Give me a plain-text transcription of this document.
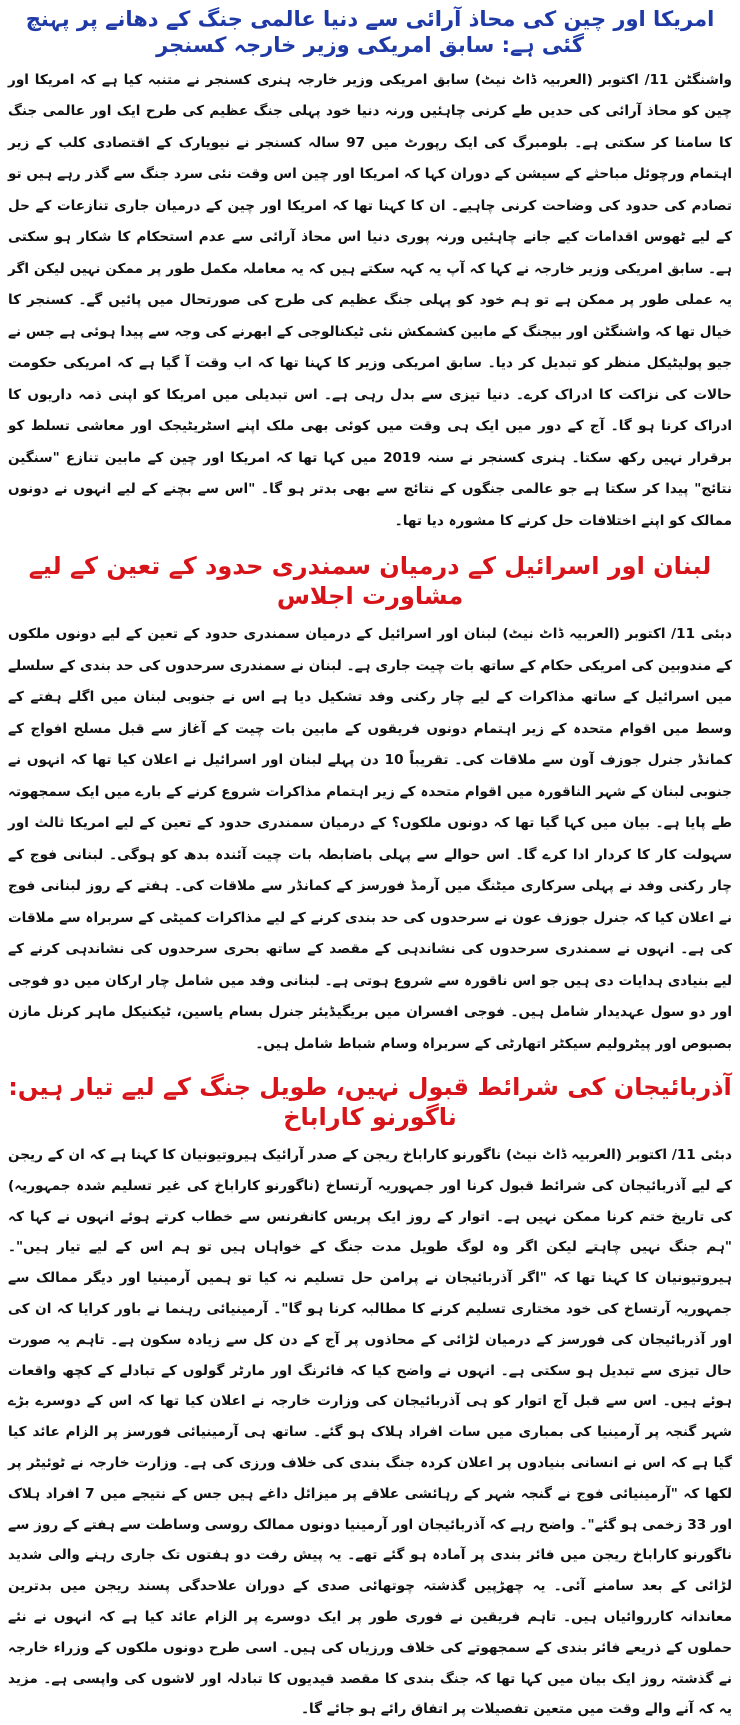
امریکا اور چین کی محاذ آرائی سے دنیا عالمی جنگ کے دھانے پر پہنچ گئی ہے: سابق امریکی وزیر خارجہ کسنجر

واشنگٹن 11/ اکتوبر (العربیہ ڈاٹ نیٹ) سابق امریکی وزیر خارجہ ہنری کسنجر نے متنبہ کیا ہے کہ امریکا اور چین کو محاذ آرائی کی حدیں طے کرنی چاہئیں ورنہ دنیا خود پہلی جنگ عظیم کی طرح ایک اور عالمی جنگ کا سامنا کر سکتی ہے۔ بلومبرگ کی ایک رپورٹ میں 97 سالہ کسنجر نے نیویارک کے اقتصادی کلب کے زیر اہتمام ورچوئل مباحثے کے سیشن کے دوران کہا کہ امریکا اور چین اس وقت نئی سرد جنگ سے گذر رہے ہیں تو تصادم کی حدود کی وضاحت کرنی چاہیے۔ ان کا کہنا تھا کہ امریکا اور چین کے درمیان جاری تنازعات کے حل کے لیے ٹھوس اقدامات کیے جانے چاہئیں ورنہ پوری دنیا اس محاذ آرائی سے عدم استحکام کا شکار ہو سکتی ہے۔ سابق امریکی وزیر خارجہ نے کہا کہ آپ یہ کہہ سکتے ہیں کہ یہ معاملہ مکمل طور پر ممکن نہیں لیکن اگر یہ عملی طور پر ممکن ہے تو ہم خود کو پہلی جنگ عظیم کی طرح کی صورتحال میں پائیں گے۔ کسنجر کا خیال تھا کہ واشنگٹن اور بیجنگ کے مابین کشمکش نئی ٹیکنالوجی کے ابھرنے کی وجہ سے پیدا ہوئی ہے جس نے جیو پولیٹیکل منظر کو تبدیل کر دیا۔ سابق امریکی وزیر کا کہنا تھا کہ اب وقت آ گیا ہے کہ امریکی حکومت حالات کی نزاکت کا ادراک کرے۔ دنیا تیزی سے بدل رہی ہے۔ اس تبدیلی میں امریکا کو اپنی ذمہ داریوں کا ادراک کرنا ہو گا۔ آج کے دور میں ایک ہی وقت میں کوئی بھی ملک اپنے اسٹریٹیجک اور معاشی تسلط کو برقرار نہیں رکھ سکتا۔ ہنری کسنجر نے سنہ 2019 میں کہا تھا کہ امریکا اور چین کے مابین تنازع "سنگین نتائج" پیدا کر سکتا ہے جو عالمی جنگوں کے نتائج سے بھی بدتر ہو گا۔ "اس سے بچنے کے لیے انہوں نے دونوں ممالک کو اپنے اختلافات حل کرنے کا مشورہ دیا تھا۔

لبنان اور اسرائیل کے درمیان سمندری حدود کے تعین کے لیے مشاورت اجلاس

دبئی 11/ اکتوبر (العربیہ ڈاٹ نیٹ) لبنان اور اسرائیل کے درمیان سمندری حدود کے تعین کے لیے دونوں ملکوں کے مندوبین کی امریکی حکام کے ساتھ بات چیت جاری ہے۔ لبنان نے سمندری سرحدوں کی حد بندی کے سلسلے میں اسرائیل کے ساتھ مذاکرات کے لیے چار رکنی وفد تشکیل دیا ہے اس نے جنوبی لبنان میں اگلے ہفتے کے وسط میں اقوام متحدہ کے زیر اہتمام دونوں فریقوں کے مابین بات چیت کے آغاز سے قبل مسلح افواج کے کمانڈر جنرل جوزف آون سے ملاقات کی۔ تقریباً 10 دن پہلے لبنان اور اسرائیل نے اعلان کیا تھا کہ انہوں نے جنوبی لبنان کے شہر الناقورہ میں اقوام متحدہ کے زیر اہتمام مذاکرات شروع کرنے کے بارے میں ایک سمجھوتہ طے پایا ہے۔ بیان میں کہا گیا تھا کہ دونوں ملکوں؟ کے درمیان سمندری حدود کے تعین کے لیے امریکا ثالث اور سہولت کار کا کردار ادا کرے گا۔ اس حوالے سے پہلی باضابطہ بات چیت آئندہ بدھ کو ہوگی۔ لبنانی فوج کے چار رکنی وفد نے پہلی سرکاری میٹنگ میں آرمڈ فورسز کے کمانڈر سے ملاقات کی۔ ہفتے کے روز لبنانی فوج نے اعلان کیا کہ جنرل جوزف عون نے سرحدوں کی حد بندی کرنے کے لیے مذاکرات کمیٹی کے سربراہ سے ملاقات کی ہے۔ انہوں نے سمندری سرحدوں کی نشاندہی کے مقصد کے ساتھ بحری سرحدوں کی نشاندہی کرنے کے لیے بنیادی ہدایات دی ہیں جو اس ناقورہ سے شروع ہوتی ہے۔ لبنانی وفد میں شامل چار ارکان میں دو فوجی اور دو سول عہدیدار شامل ہیں۔ فوجی افسران میں بریگیڈیئر جنرل بسام یاسین، ٹیکنیکل ماہر کرنل مازن بصبوص اور پیٹرولیم سیکٹر اتھارٹی کے سربراہ وسام شباط شامل ہیں۔

آذربائیجان کی شرائط قبول نہیں، طویل جنگ کے لیے تیار ہیں: ناگورنو کاراباخ

دبئی 11/ اکتوبر (العربیہ ڈاٹ نیٹ) ناگورنو کاراباخ ریجن کے صدر آرائیک ہیروتیونیان کا کہنا ہے کہ ان کے ریجن کے لیے آذربائیجان کی شرائط قبول کرنا اور جمہوریہ آرتساخ (ناگورنو کاراباخ کی غیر تسلیم شدہ جمہوریہ) کی تاریخ ختم کرنا ممکن نہیں ہے۔ اتوار کے روز ایک پریس کانفرنس سے خطاب کرتے ہوئے انہوں نے کہا کہ "ہم جنگ نہیں چاہتے لیکن اگر وہ لوگ طویل مدت جنگ کے خواہاں ہیں تو ہم اس کے لیے تیار ہیں"۔ ہیروتیونیان کا کہنا تھا کہ "اگر آذربائیجان نے پرامن حل تسلیم نہ کیا تو ہمیں آرمینیا اور دیگر ممالک سے جمہوریہ آرتساخ کی خود مختاری تسلیم کرنے کا مطالبہ کرنا ہو گا"۔ آرمینیائی رہنما نے باور کرایا کہ ان کی اور آذربائیجان کی فورسز کے درمیان لڑائی کے محاذوں پر آج کے دن کل سے زیادہ سکون ہے۔ تاہم یہ صورت حال تیزی سے تبدیل ہو سکتی ہے۔ انہوں نے واضح کیا کہ فائرنگ اور مارٹر گولوں کے تبادلے کے کچھ واقعات ہوئے ہیں۔ اس سے قبل آج اتوار کو ہی آذربائیجان کی وزارت خارجہ نے اعلان کیا تھا کہ اس کے دوسرے بڑے شہر گنجہ پر آرمینیا کی بمباری میں سات افراد ہلاک ہو گئے۔ ساتھ ہی آرمینیائی فورسز پر الزام عائد کیا گیا ہے کہ اس نے انسانی بنیادوں پر اعلان کردہ جنگ بندی کی خلاف ورزی کی ہے۔ وزارت خارجہ نے ٹوئیٹر پر لکھا کہ "آرمینیائی فوج نے گنجہ شہر کے رہائشی علاقے پر میزائل داغے ہیں جس کے نتیجے میں 7 افراد ہلاک اور 33 زخمی ہو گئے"۔ واضح رہے کہ آذربائیجان اور آرمینیا دونوں ممالک روسی وساطت سے ہفتے کے روز سے ناگورنو کاراباخ ریجن میں فائر بندی پر آمادہ ہو گئے تھے۔ یہ پیش رفت دو ہفتوں تک جاری رہنے والی شدید لڑائی کے بعد سامنے آئی۔ یہ چھڑپیں گذشتہ چوتھائی صدی کے دوران علاحدگی پسند ریجن میں بدترین معاندانہ کارروائیاں ہیں۔ تاہم فریقین نے فوری طور پر ایک دوسرے پر الزام عائد کیا ہے کہ انہوں نے نئے حملوں کے ذریعے فائر بندی کے سمجھوتے کی خلاف ورزیاں کی ہیں۔ اسی طرح دونوں ملکوں کے وزراء خارجہ نے گذشتہ روز ایک بیان میں کہا تھا کہ جنگ بندی کا مقصد قیدیوں کا تبادلہ اور لاشوں کی واپسی ہے۔ مزید یہ کہ آنے والے وقت میں متعین تفصیلات پر اتفاق رائے ہو جائے گا۔
